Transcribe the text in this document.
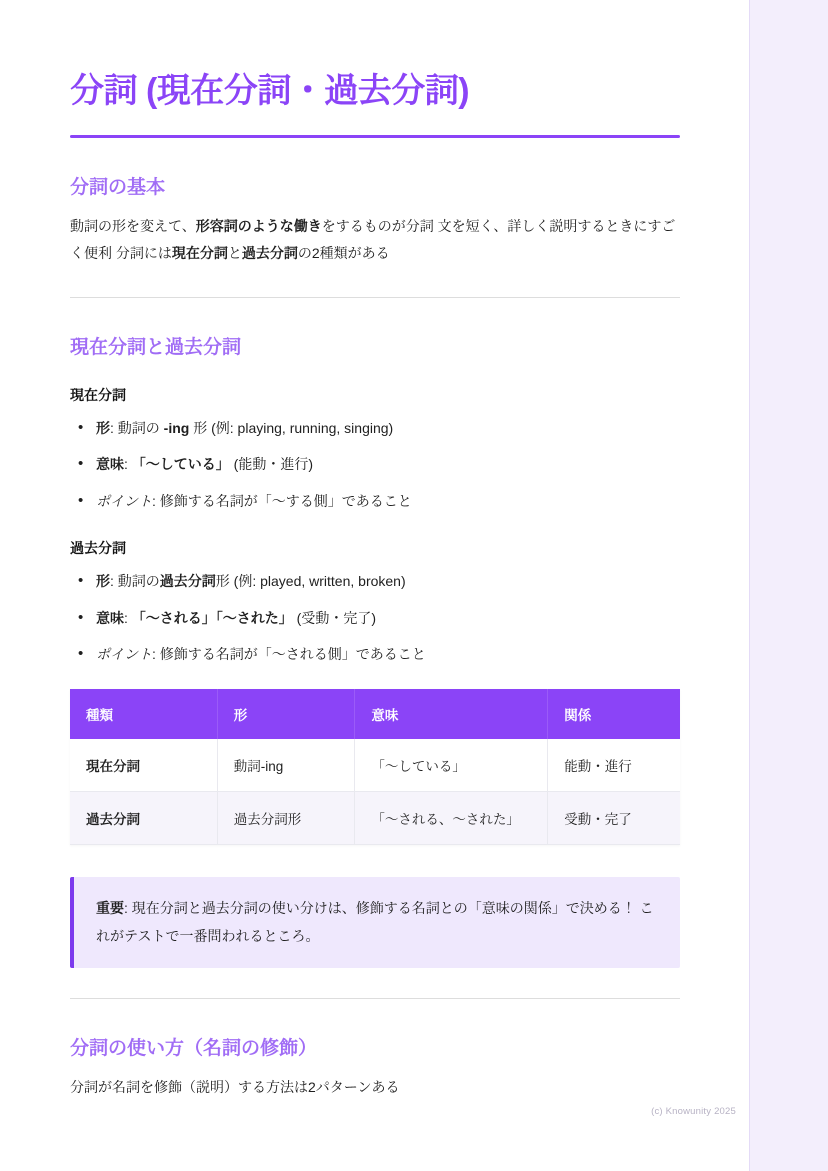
分詞 (現在分詞・過去分詞)
分詞の基本

動詞の形を変えて、形容詞のような働きをするものが分詞 文を短く、詳しく説明するときにすごく便利 分詞には現在分詞と過去分詞の2種類がある

現在分詞と過去分詞
現在分詞
• 形: 動詞の -ing 形 (例: playing, running, singing)
• 意味: 「〜している」 (能動・進行)
• ポイント: 修飾する名詞が「〜する側」であること
過去分詞
• 形: 動詞の過去分詞形 (例: played, written, broken)
• 意味: 「〜される」「〜された」 (受動・完了)
• ポイント: 修飾する名詞が「〜される側」であること
種類	形	意味	関係
現在分詞	動詞-ing	「〜している」	能動・進行
過去分詞	過去分詞形	「〜される、〜された」	受動・完了
重要: 現在分詞と過去分詞の使い分けは、修飾する名詞との「意味の関係」で決める！ これがテストで一番問われるところ。
分詞の使い方（名詞の修飾）

分詞が名詞を修飾（説明）する方法は2パターンある

(c) Knowunity 2025
